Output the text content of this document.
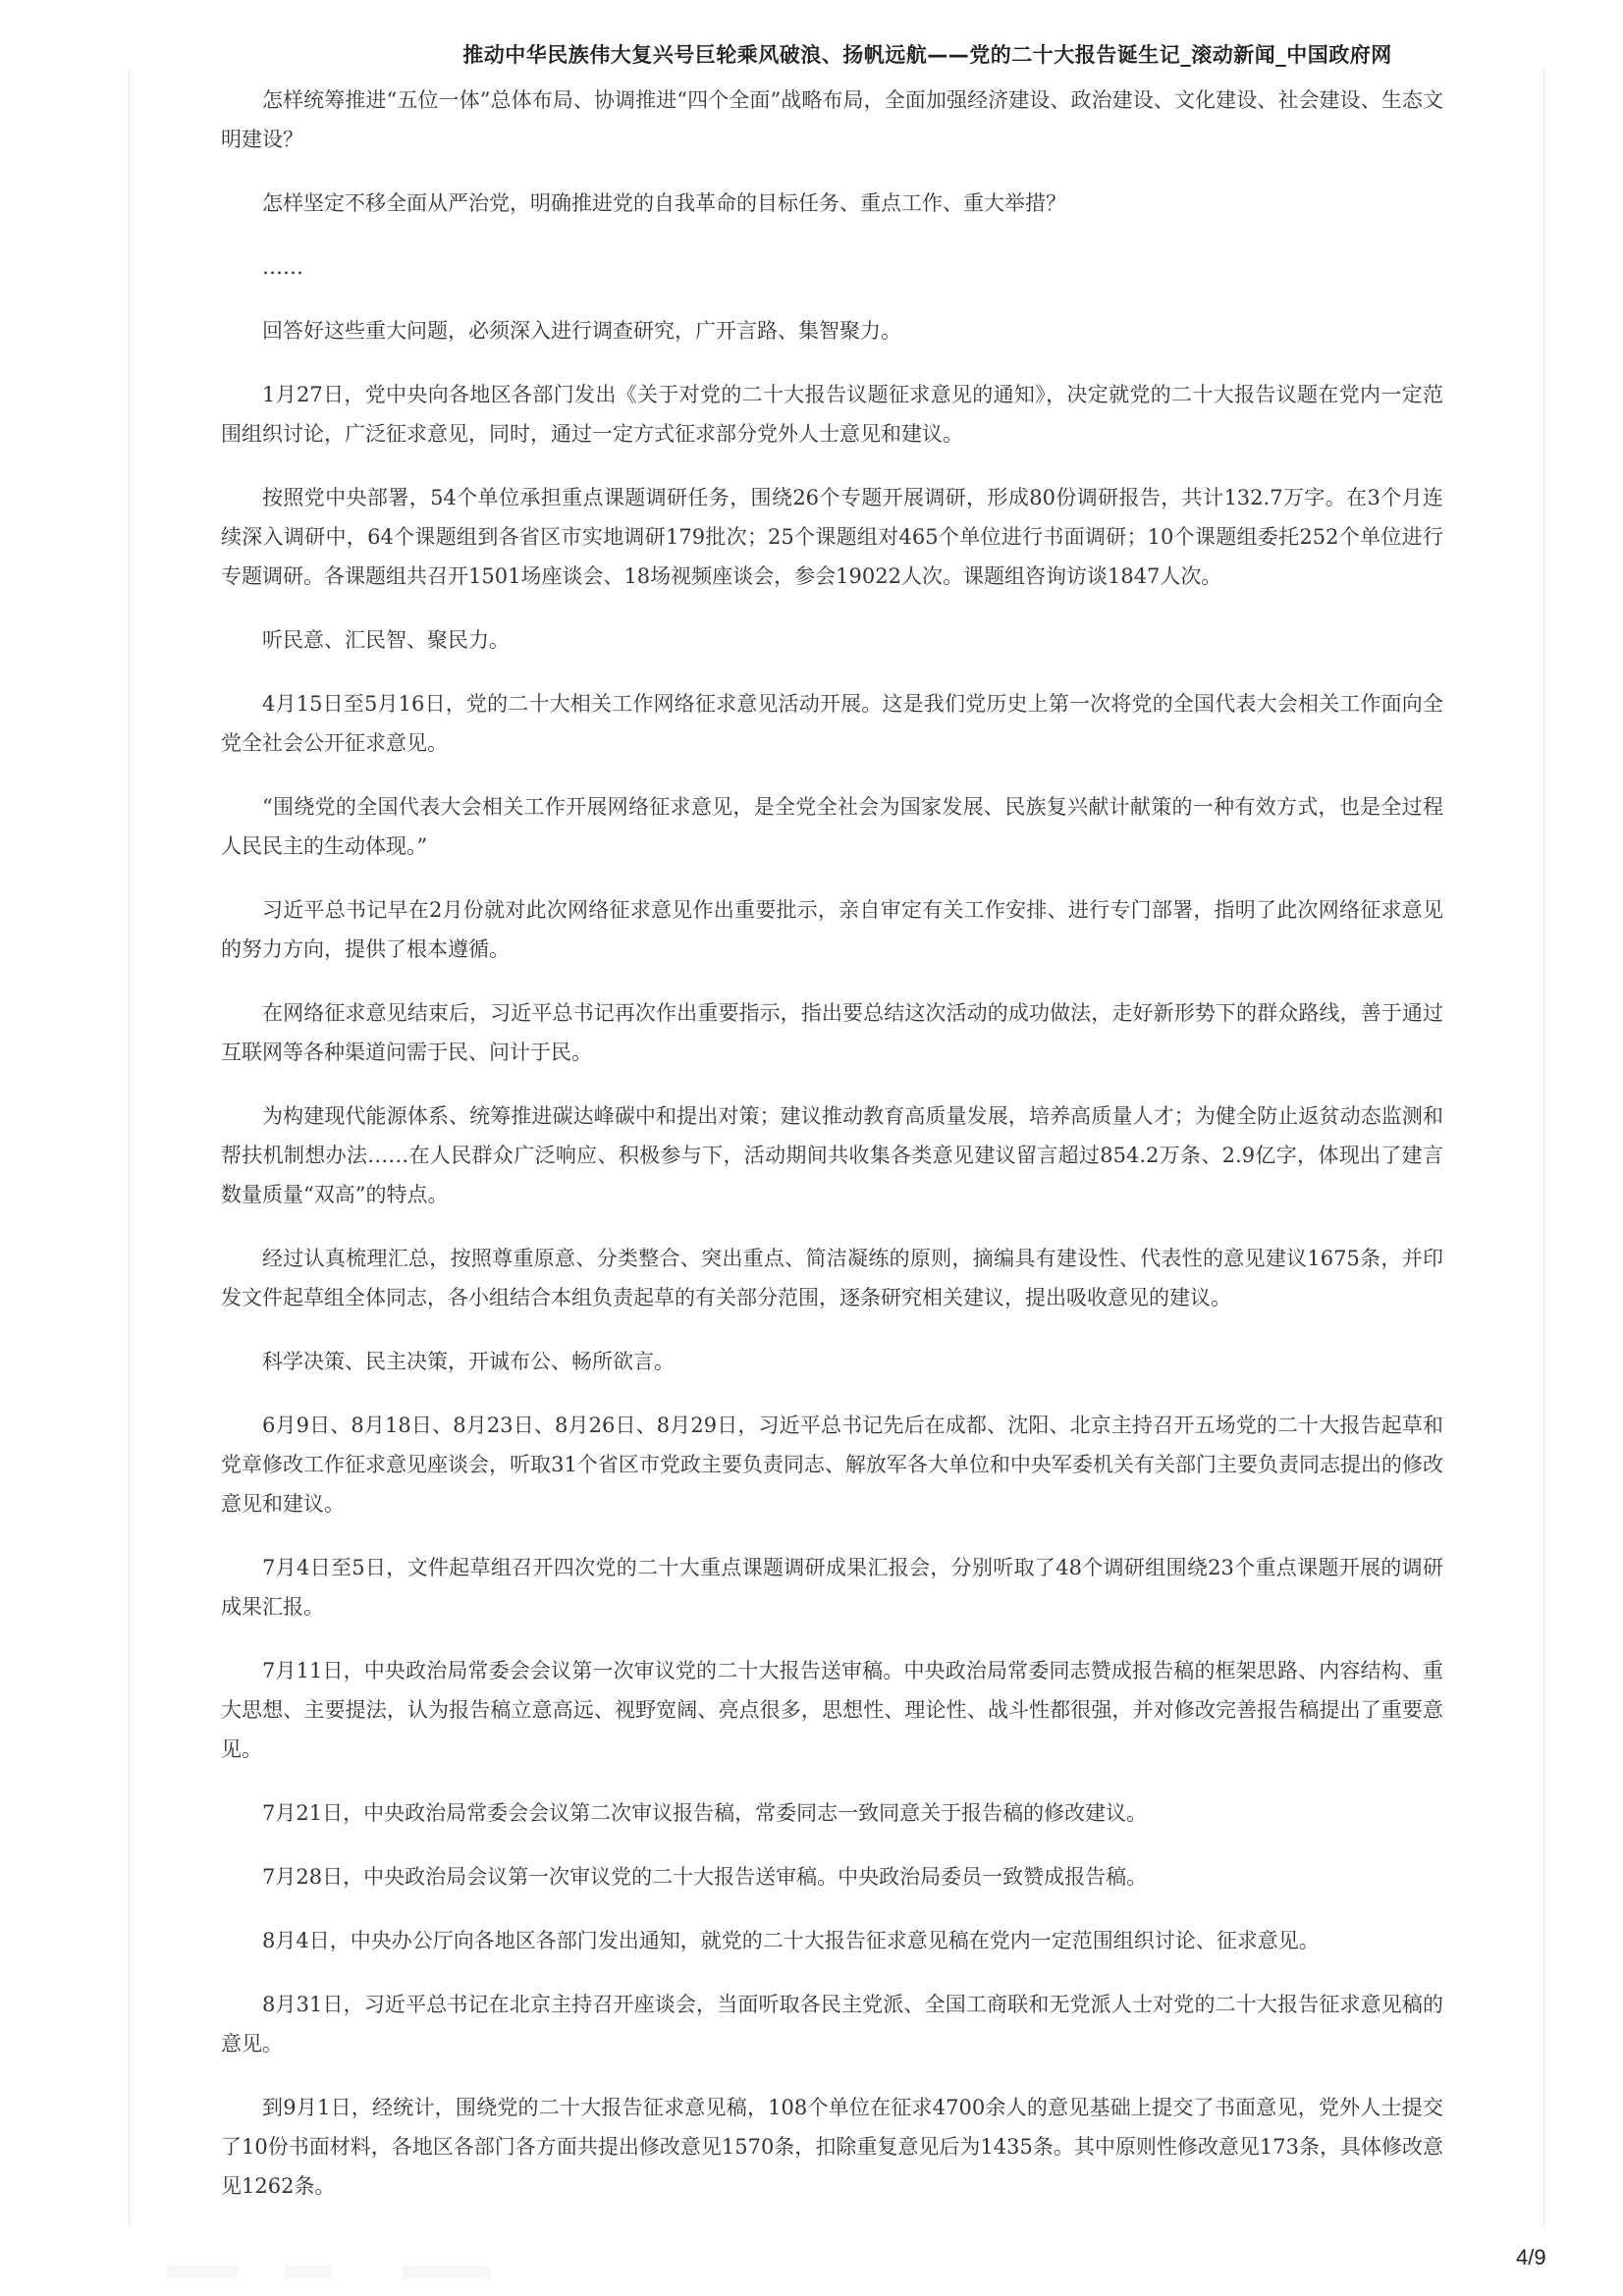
推动中华民族伟大复兴号巨轮乘风破浪、扬帆远航——党的二十大报告诞生记_滚动新闻_中国政府网

怎样统筹推进“五位一体”总体布局、协调推进“四个全面”战略布局，全面加强经济建设、政治建设、文化建设、社会建设、生态文明建设？

怎样坚定不移全面从严治党，明确推进党的自我革命的目标任务、重点工作、重大举措？

……

回答好这些重大问题，必须深入进行调查研究，广开言路、集智聚力。

1月27日，党中央向各地区各部门发出《关于对党的二十大报告议题征求意见的通知》，决定就党的二十大报告议题在党内一定范围组织讨论，广泛征求意见，同时，通过一定方式征求部分党外人士意见和建议。

按照党中央部署，54个单位承担重点课题调研任务，围绕26个专题开展调研，形成80份调研报告，共计132.7万字。在3个月连续深入调研中，64个课题组到各省区市实地调研179批次；25个课题组对465个单位进行书面调研；10个课题组委托252个单位进行专题调研。各课题组共召开1501场座谈会、18场视频座谈会，参会19022人次。课题组咨询访谈1847人次。

听民意、汇民智、聚民力。

4月15日至5月16日，党的二十大相关工作网络征求意见活动开展。这是我们党历史上第一次将党的全国代表大会相关工作面向全党全社会公开征求意见。

“围绕党的全国代表大会相关工作开展网络征求意见，是全党全社会为国家发展、民族复兴献计献策的一种有效方式，也是全过程人民民主的生动体现。”

习近平总书记早在2月份就对此次网络征求意见作出重要批示，亲自审定有关工作安排、进行专门部署，指明了此次网络征求意见的努力方向，提供了根本遵循。

在网络征求意见结束后，习近平总书记再次作出重要指示，指出要总结这次活动的成功做法，走好新形势下的群众路线，善于通过互联网等各种渠道问需于民、问计于民。

为构建现代能源体系、统筹推进碳达峰碳中和提出对策；建议推动教育高质量发展，培养高质量人才；为健全防止返贫动态监测和帮扶机制想办法……在人民群众广泛响应、积极参与下，活动期间共收集各类意见建议留言超过854.2万条、2.9亿字，体现出了建言数量质量“双高”的特点。

经过认真梳理汇总，按照尊重原意、分类整合、突出重点、简洁凝练的原则，摘编具有建设性、代表性的意见建议1675条，并印发文件起草组全体同志，各小组结合本组负责起草的有关部分范围，逐条研究相关建议，提出吸收意见的建议。

科学决策、民主决策，开诚布公、畅所欲言。

6月9日、8月18日、8月23日、8月26日、8月29日，习近平总书记先后在成都、沈阳、北京主持召开五场党的二十大报告起草和党章修改工作征求意见座谈会，听取31个省区市党政主要负责同志、解放军各大单位和中央军委机关有关部门主要负责同志提出的修改意见和建议。

7月4日至5日，文件起草组召开四次党的二十大重点课题调研成果汇报会，分别听取了48个调研组围绕23个重点课题开展的调研成果汇报。

7月11日，中央政治局常委会会议第一次审议党的二十大报告送审稿。中央政治局常委同志赞成报告稿的框架思路、内容结构、重大思想、主要提法，认为报告稿立意高远、视野宽阔、亮点很多，思想性、理论性、战斗性都很强，并对修改完善报告稿提出了重要意见。

7月21日，中央政治局常委会会议第二次审议报告稿，常委同志一致同意关于报告稿的修改建议。

7月28日，中央政治局会议第一次审议党的二十大报告送审稿。中央政治局委员一致赞成报告稿。

8月4日，中央办公厅向各地区各部门发出通知，就党的二十大报告征求意见稿在党内一定范围组织讨论、征求意见。

8月31日，习近平总书记在北京主持召开座谈会，当面听取各民主党派、全国工商联和无党派人士对党的二十大报告征求意见稿的意见。

到9月1日，经统计，围绕党的二十大报告征求意见稿，108个单位在征求4700余人的意见基础上提交了书面意见，党外人士提交了10份书面材料，各地区各部门各方面共提出修改意见1570条，扣除重复意见后为1435条。其中原则性修改意见173条，具体修改意见1262条。

4/9
